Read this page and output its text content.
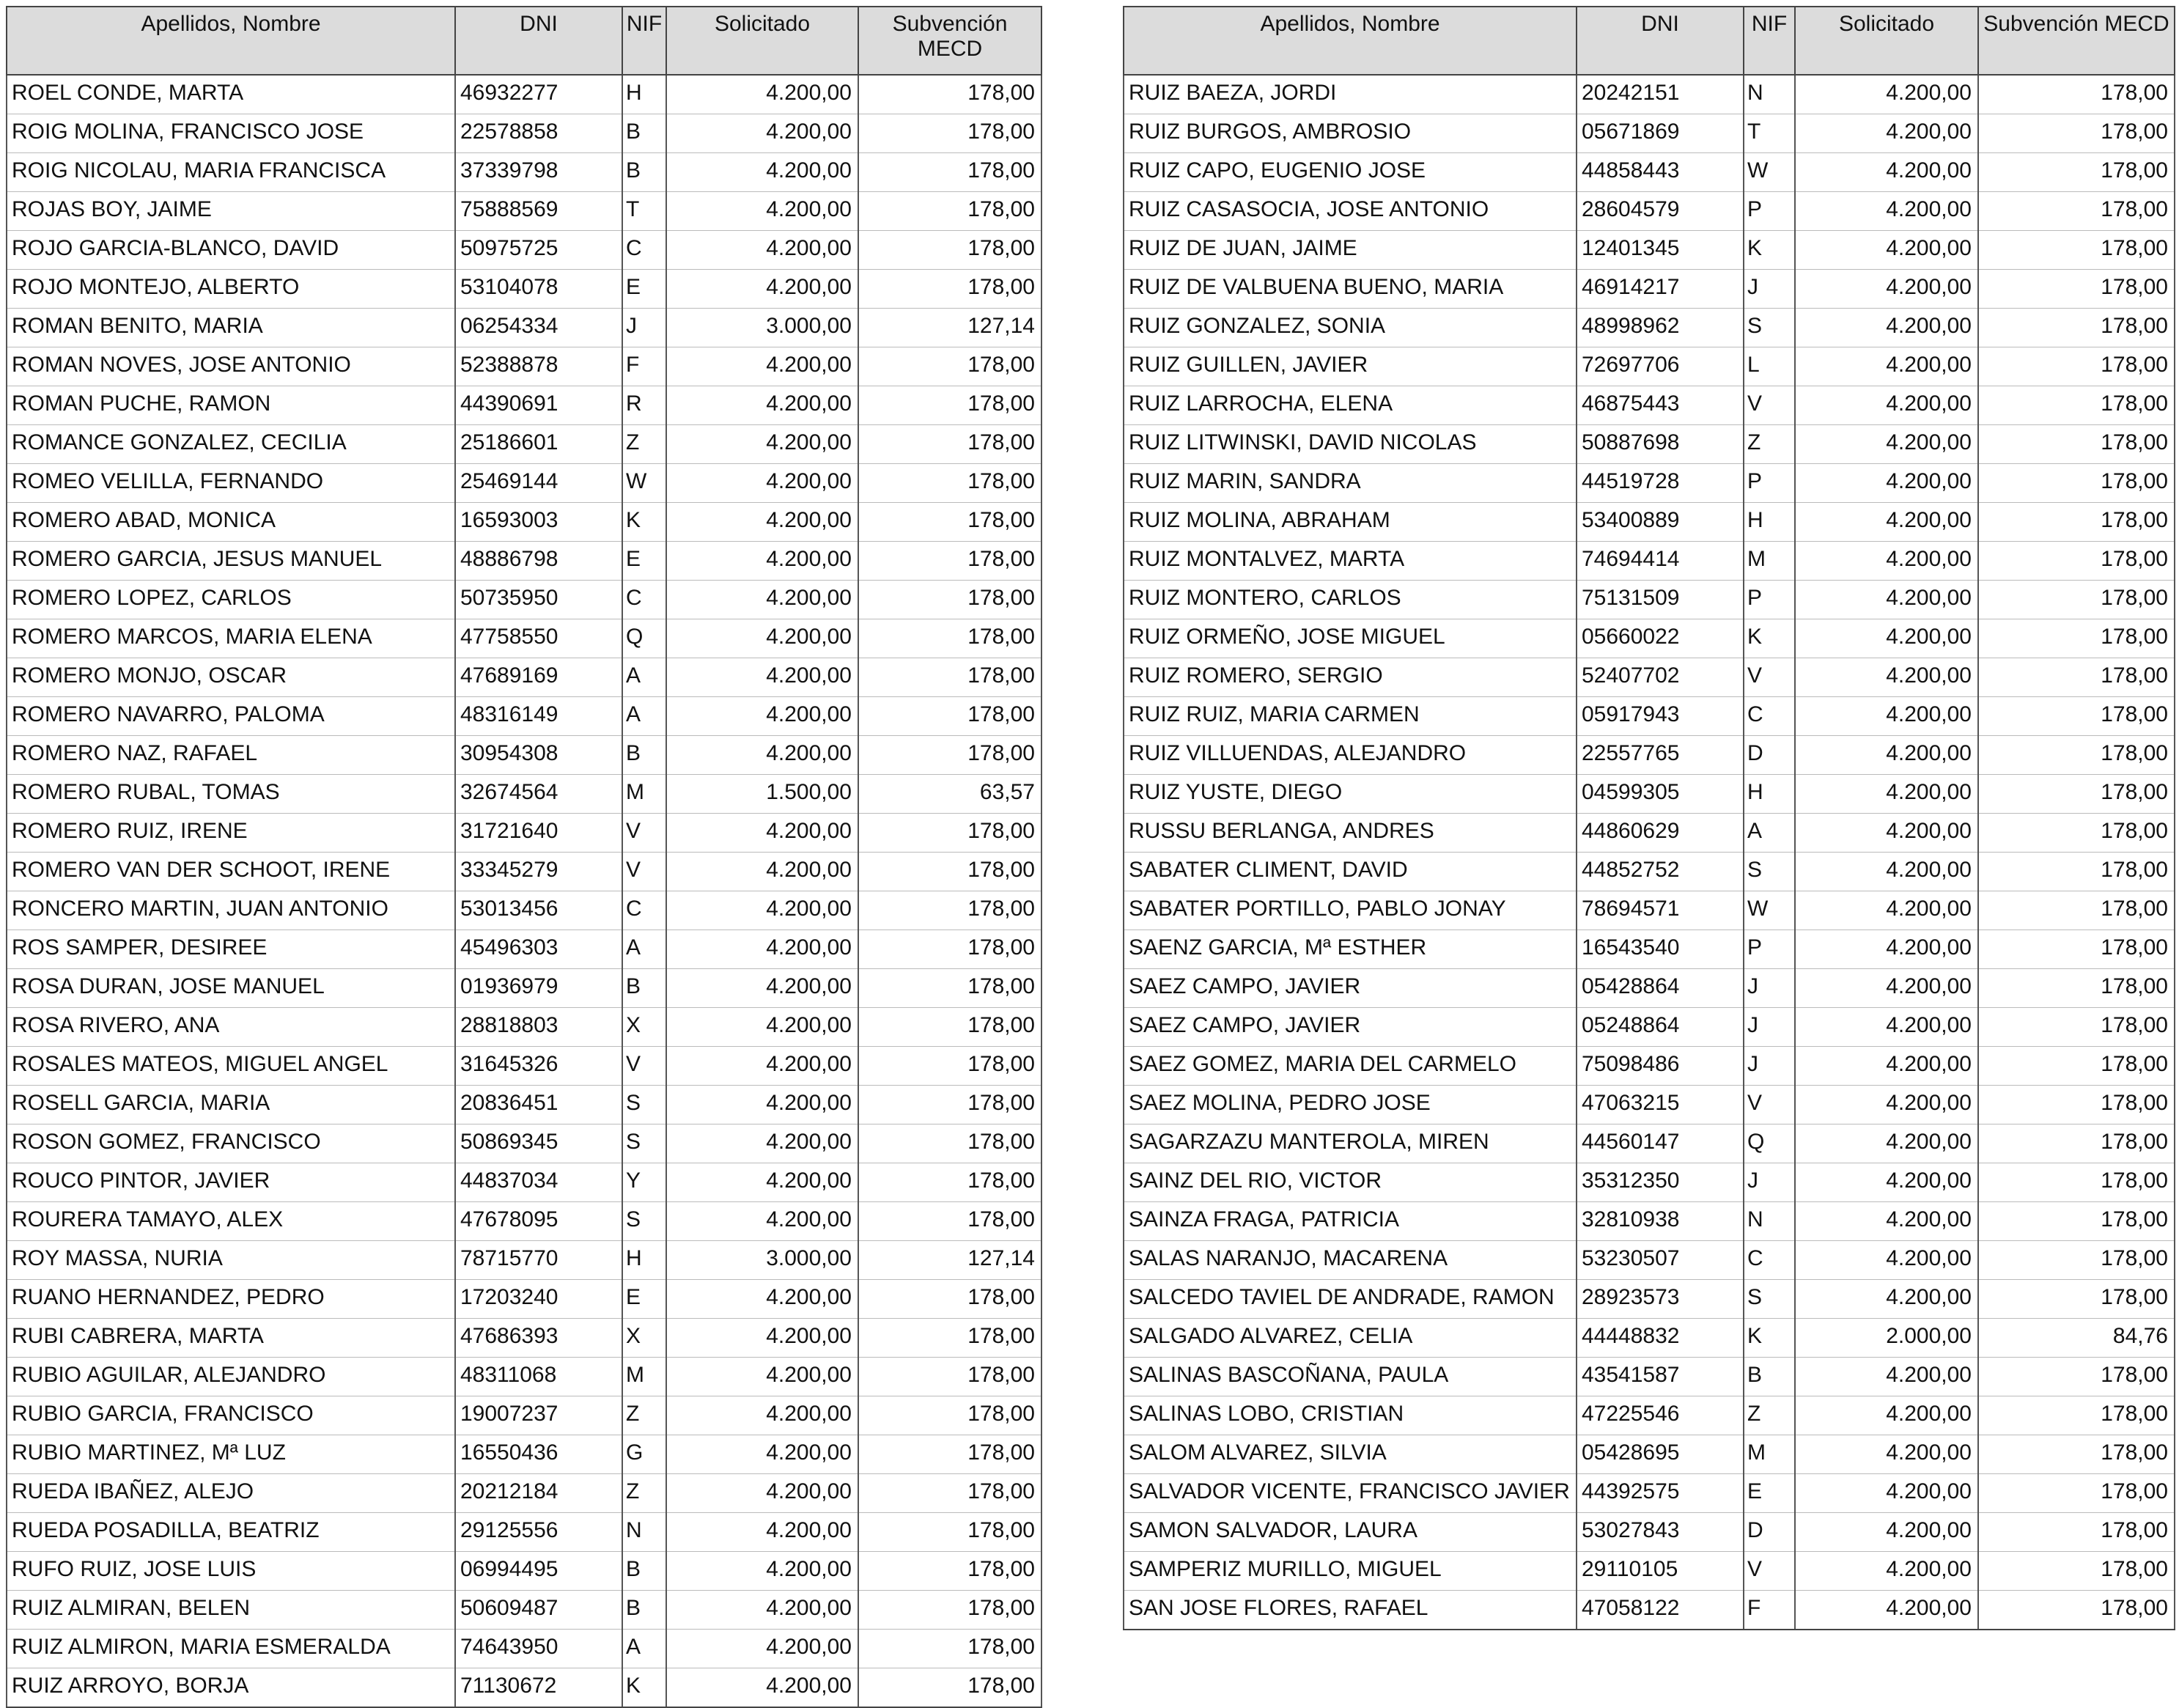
Apellidos, Nombre	DNI	NIF	Solicitado	Subvención MECD
ROEL CONDE, MARTA	46932277	H	4.200,00	178,00
ROIG MOLINA, FRANCISCO JOSE	22578858	B	4.200,00	178,00
ROIG NICOLAU, MARIA FRANCISCA	37339798	B	4.200,00	178,00
ROJAS BOY, JAIME	75888569	T	4.200,00	178,00
ROJO GARCIA-BLANCO, DAVID	50975725	C	4.200,00	178,00
ROJO MONTEJO, ALBERTO	53104078	E	4.200,00	178,00
ROMAN BENITO, MARIA	06254334	J	3.000,00	127,14
ROMAN NOVES, JOSE ANTONIO	52388878	F	4.200,00	178,00
ROMAN PUCHE, RAMON	44390691	R	4.200,00	178,00
ROMANCE GONZALEZ, CECILIA	25186601	Z	4.200,00	178,00
ROMEO VELILLA, FERNANDO	25469144	W	4.200,00	178,00
ROMERO ABAD, MONICA	16593003	K	4.200,00	178,00
ROMERO GARCIA, JESUS MANUEL	48886798	E	4.200,00	178,00
ROMERO LOPEZ, CARLOS	50735950	C	4.200,00	178,00
ROMERO MARCOS, MARIA ELENA	47758550	Q	4.200,00	178,00
ROMERO MONJO, OSCAR	47689169	A	4.200,00	178,00
ROMERO NAVARRO, PALOMA	48316149	A	4.200,00	178,00
ROMERO NAZ, RAFAEL	30954308	B	4.200,00	178,00
ROMERO RUBAL, TOMAS	32674564	M	1.500,00	63,57
ROMERO RUIZ, IRENE	31721640	V	4.200,00	178,00
ROMERO VAN DER SCHOOT, IRENE	33345279	V	4.200,00	178,00
RONCERO MARTIN, JUAN ANTONIO	53013456	C	4.200,00	178,00
ROS SAMPER, DESIREE	45496303	A	4.200,00	178,00
ROSA DURAN, JOSE MANUEL	01936979	B	4.200,00	178,00
ROSA RIVERO, ANA	28818803	X	4.200,00	178,00
ROSALES MATEOS, MIGUEL ANGEL	31645326	V	4.200,00	178,00
ROSELL GARCIA, MARIA	20836451	S	4.200,00	178,00
ROSON GOMEZ, FRANCISCO	50869345	S	4.200,00	178,00
ROUCO PINTOR, JAVIER	44837034	Y	4.200,00	178,00
ROURERA TAMAYO, ALEX	47678095	S	4.200,00	178,00
ROY MASSA, NURIA	78715770	H	3.000,00	127,14
RUANO HERNANDEZ, PEDRO	17203240	E	4.200,00	178,00
RUBI CABRERA, MARTA	47686393	X	4.200,00	178,00
RUBIO AGUILAR, ALEJANDRO	48311068	M	4.200,00	178,00
RUBIO GARCIA, FRANCISCO	19007237	Z	4.200,00	178,00
RUBIO MARTINEZ, Mª LUZ	16550436	G	4.200,00	178,00
RUEDA IBAÑEZ, ALEJO	20212184	Z	4.200,00	178,00
RUEDA POSADILLA, BEATRIZ	29125556	N	4.200,00	178,00
RUFO RUIZ, JOSE LUIS	06994495	B	4.200,00	178,00
RUIZ ALMIRAN, BELEN	50609487	B	4.200,00	178,00
RUIZ ALMIRON, MARIA ESMERALDA	74643950	A	4.200,00	178,00
RUIZ ARROYO, BORJA	71130672	K	4.200,00	178,00
Apellidos, Nombre	DNI	NIF	Solicitado	Subvención MECD
RUIZ BAEZA, JORDI	20242151	N	4.200,00	178,00
RUIZ BURGOS, AMBROSIO	05671869	T	4.200,00	178,00
RUIZ CAPO, EUGENIO JOSE	44858443	W	4.200,00	178,00
RUIZ CASASOCIA, JOSE ANTONIO	28604579	P	4.200,00	178,00
RUIZ DE JUAN, JAIME	12401345	K	4.200,00	178,00
RUIZ DE VALBUENA BUENO, MARIA	46914217	J	4.200,00	178,00
RUIZ GONZALEZ, SONIA	48998962	S	4.200,00	178,00
RUIZ GUILLEN, JAVIER	72697706	L	4.200,00	178,00
RUIZ LARROCHA, ELENA	46875443	V	4.200,00	178,00
RUIZ LITWINSKI, DAVID NICOLAS	50887698	Z	4.200,00	178,00
RUIZ MARIN, SANDRA	44519728	P	4.200,00	178,00
RUIZ MOLINA, ABRAHAM	53400889	H	4.200,00	178,00
RUIZ MONTALVEZ, MARTA	74694414	M	4.200,00	178,00
RUIZ MONTERO, CARLOS	75131509	P	4.200,00	178,00
RUIZ ORMEÑO, JOSE MIGUEL	05660022	K	4.200,00	178,00
RUIZ ROMERO, SERGIO	52407702	V	4.200,00	178,00
RUIZ RUIZ, MARIA CARMEN	05917943	C	4.200,00	178,00
RUIZ VILLUENDAS, ALEJANDRO	22557765	D	4.200,00	178,00
RUIZ YUSTE, DIEGO	04599305	H	4.200,00	178,00
RUSSU BERLANGA, ANDRES	44860629	A	4.200,00	178,00
SABATER CLIMENT, DAVID	44852752	S	4.200,00	178,00
SABATER PORTILLO, PABLO JONAY	78694571	W	4.200,00	178,00
SAENZ GARCIA, Mª ESTHER	16543540	P	4.200,00	178,00
SAEZ CAMPO, JAVIER	05428864	J	4.200,00	178,00
SAEZ CAMPO, JAVIER	05248864	J	4.200,00	178,00
SAEZ GOMEZ, MARIA DEL CARMELO	75098486	J	4.200,00	178,00
SAEZ MOLINA, PEDRO JOSE	47063215	V	4.200,00	178,00
SAGARZAZU MANTEROLA, MIREN	44560147	Q	4.200,00	178,00
SAINZ DEL RIO, VICTOR	35312350	J	4.200,00	178,00
SAINZA FRAGA, PATRICIA	32810938	N	4.200,00	178,00
SALAS NARANJO, MACARENA	53230507	C	4.200,00	178,00
SALCEDO TAVIEL DE ANDRADE, RAMON	28923573	S	4.200,00	178,00
SALGADO ALVAREZ, CELIA	44448832	K	2.000,00	84,76
SALINAS BASCOÑANA, PAULA	43541587	B	4.200,00	178,00
SALINAS LOBO, CRISTIAN	47225546	Z	4.200,00	178,00
SALOM ALVAREZ, SILVIA	05428695	M	4.200,00	178,00
SALVADOR VICENTE, FRANCISCO JAVIER	44392575	E	4.200,00	178,00
SAMON SALVADOR, LAURA	53027843	D	4.200,00	178,00
SAMPERIZ MURILLO, MIGUEL	29110105	V	4.200,00	178,00
SAN JOSE FLORES, RAFAEL	47058122	F	4.200,00	178,00
